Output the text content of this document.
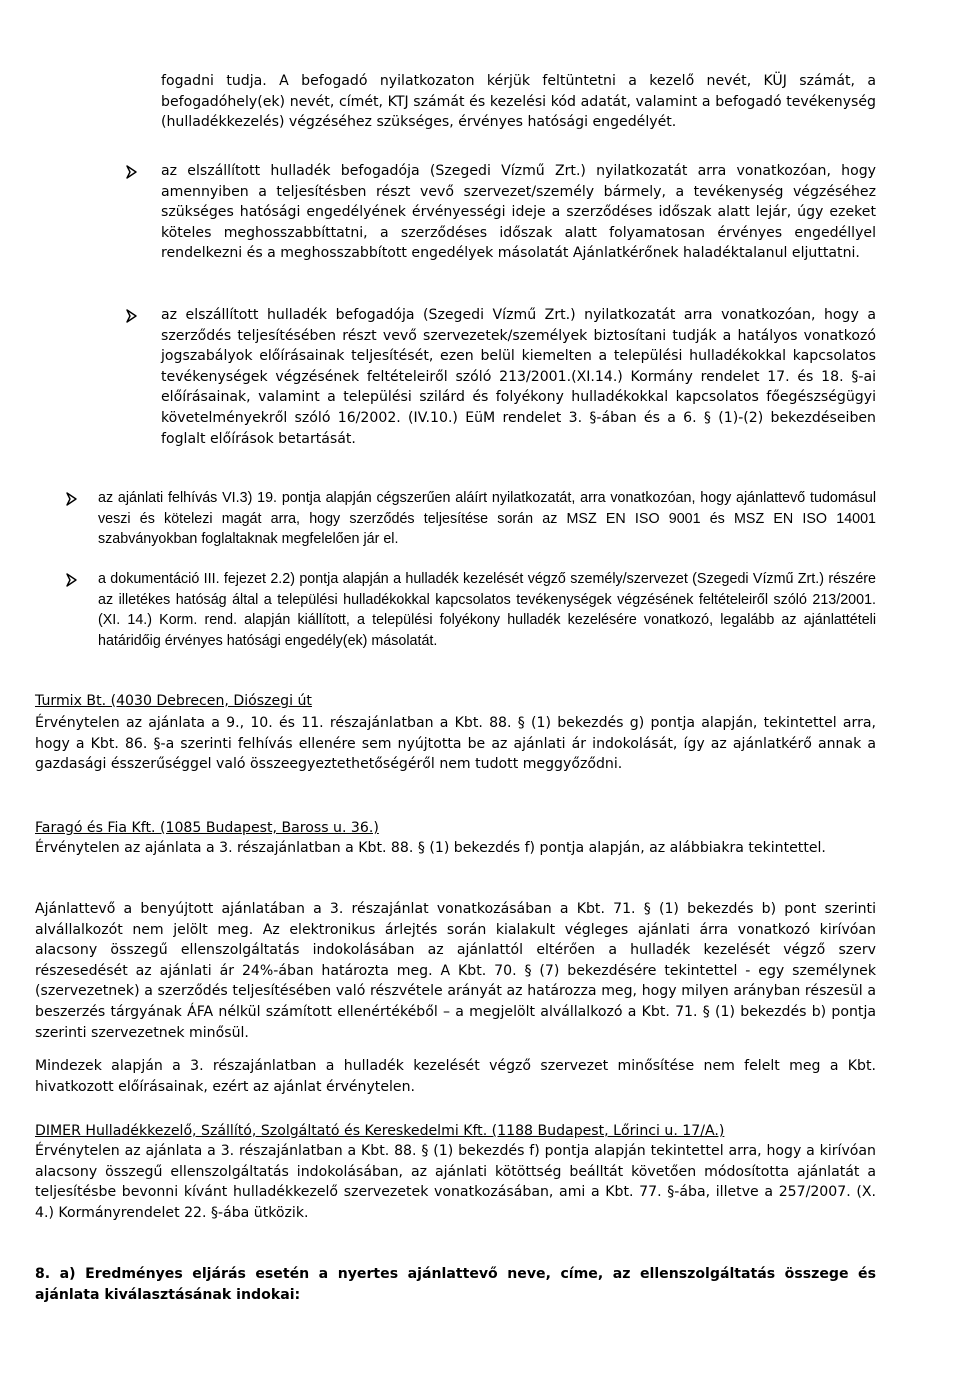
fogadni tudja. A befogadó nyilatkozaton kérjük feltüntetni a kezelő nevét, KÜJ számát, a befogadóhely(ek) nevét, címét, KTJ számát és kezelési kód adatát, valamint a befogadó tevékenység (hulladékkezelés) végzéséhez szükséges, érvényes hatósági engedélyét.

az elszállított hulladék befogadója (Szegedi Vízmű Zrt.) nyilatkozatát arra vonatkozóan, hogy amennyiben a teljesítésben részt vevő szervezet/személy bármely, a tevékenység végzéséhez szükséges hatósági engedélyének érvényességi ideje a szerződéses időszak alatt lejár, úgy ezeket köteles meghosszabbíttatni, a szerződéses időszak alatt folyamatosan érvényes engedéllyel rendelkezni és a meghosszabbított engedélyek másolatát Ajánlatkérőnek haladéktalanul eljuttatni.

az elszállított hulladék befogadója (Szegedi Vízmű Zrt.) nyilatkozatát arra vonatkozóan, hogy a szerződés teljesítésében részt vevő szervezetek/személyek biztosítani tudják a hatályos vonatkozó jogszabályok előírásainak teljesítését, ezen belül kiemelten a települési hulladékokkal kapcsolatos tevékenységek végzésének feltételeiről szóló 213/2001.(XI.14.) Kormány rendelet 17. és 18. §-ai előírásainak, valamint a települési szilárd és folyékony hulladékokkal kapcsolatos főegészségügyi követelményekről szóló 16/2002. (IV.10.) EüM rendelet 3. §-ában és a 6. § (1)-(2) bekezdéseiben foglalt előírások betartását.

az ajánlati felhívás VI.3) 19. pontja alapján cégszerűen aláírt nyilatkozatát, arra vonatkozóan, hogy ajánlattevő tudomásul veszi és kötelezi magát arra, hogy szerződés teljesítése során az MSZ EN ISO 9001 és MSZ EN ISO 14001 szabványokban foglaltaknak megfelelően jár el.

a dokumentáció III. fejezet 2.2) pontja alapján a hulladék kezelését végző személy/szervezet (Szegedi Vízmű Zrt.) részére az illetékes hatóság által a települési hulladékokkal kapcsolatos tevékenységek végzésének feltételeiről szóló 213/2001. (XI. 14.) Korm. rend. alapján kiállított, a települési folyékony hulladék kezelésére vonatkozó, legalább az ajánlattételi határidőig érvényes hatósági engedély(ek) másolatát.

Turmix Bt. (4030 Debrecen, Diószegi út

Érvénytelen az ajánlata a 9., 10. és 11. részajánlatban a Kbt. 88. § (1) bekezdés g) pontja alapján, tekintettel arra, hogy a Kbt. 86. §-a szerinti felhívás ellenére sem nyújtotta be az ajánlati ár indokolását, így az ajánlatkérő annak a gazdasági ésszerűséggel való összeegyeztethetőségéről nem tudott meggyőződni.

Faragó és Fia Kft. (1085 Budapest, Baross u. 36.)

Érvénytelen az ajánlata a 3. részajánlatban a Kbt. 88. § (1) bekezdés f) pontja alapján, az alábbiakra tekintettel.

Ajánlattevő a benyújtott ajánlatában a 3. részajánlat vonatkozásában a Kbt. 71. § (1) bekezdés b) pont szerinti alvállalkozót nem jelölt meg. Az elektronikus árlejtés során kialakult végleges ajánlati árra vonatkozó kirívóan alacsony összegű ellenszolgáltatás indokolásában az ajánlattól eltérően a hulladék kezelését végző szerv részesedését az ajánlati ár 24%-ában határozta meg. A Kbt. 70. § (7) bekezdésére tekintettel - egy személynek (szervezetnek) a szerződés teljesítésében való részvétele arányát az határozza meg, hogy milyen arányban részesül a beszerzés tárgyának ÁFA nélkül számított ellenértékéből – a megjelölt alvállalkozó a Kbt. 71. § (1) bekezdés b) pontja szerinti szervezetnek minősül.

Mindezek alapján a 3. részajánlatban a hulladék kezelését végző szervezet minősítése nem felelt meg a Kbt. hivatkozott előírásainak, ezért az ajánlat érvénytelen.

DIMER Hulladékkezelő, Szállító, Szolgáltató és Kereskedelmi Kft. (1188 Budapest, Lőrinci u. 17/A.)

Érvénytelen az ajánlata a 3. részajánlatban a Kbt. 88. § (1) bekezdés f) pontja alapján tekintettel arra, hogy a kirívóan alacsony összegű ellenszolgáltatás indokolásában, az ajánlati kötöttség beálltát követően módosította ajánlatát a teljesítésbe bevonni kívánt hulladékkezelő szervezetek vonatkozásában, ami a Kbt. 77. §-ába, illetve a 257/2007. (X. 4.) Kormányrendelet 22. §-ába ütközik.

8. a) Eredményes eljárás esetén a nyertes ajánlattevő neve, címe, az ellenszolgáltatás összege és ajánlata kiválasztásának indokai:
